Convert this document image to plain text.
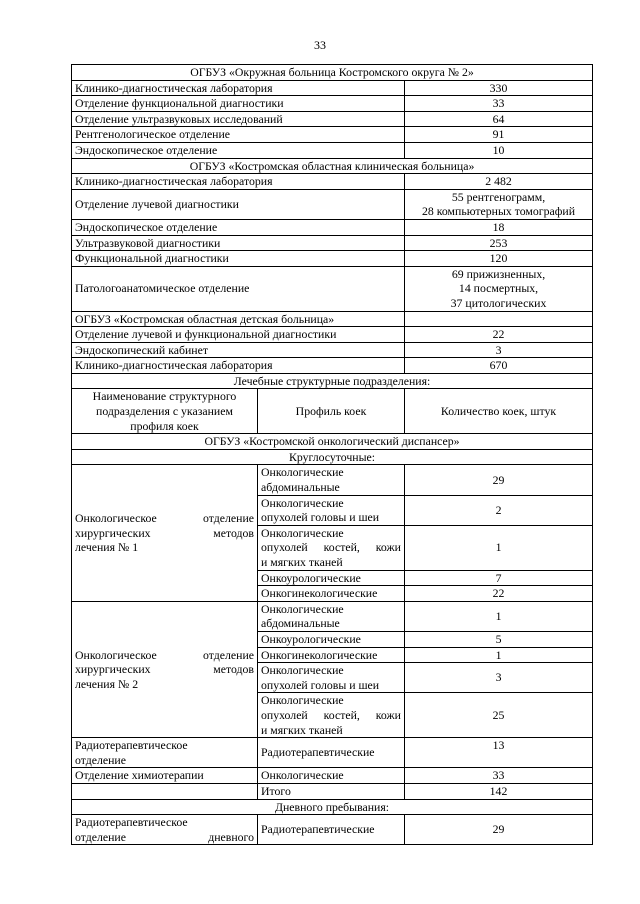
33
ОГБУЗ «Окружная больница Костромского округа № 2»		
Клинико-диагностическая лаборатория		330
Отделение функциональной диагностики		33
Отделение ультразвуковых исследований		64
Рентгенологическое отделение		91
Эндоскопическое отделение		10
ОГБУЗ «Костромская областная клиническая больница»		
Клинико-диагностическая лаборатория		2 482
Отделение лучевой диагностики		55 рентгенограмм,
28 компьютерных томографий

Эндоскопическое отделение		18
Ультразвуковой диагностики		253
Функциональной диагностики		120
Патологоанатомическое отделение		69 прижизненных,
14 посмертных,
37 цитологических

ОГБУЗ «Костромская областная детская больница»		
Отделение лучевой и функциональной диагностики		22
Эндоскопический кабинет		3
Клинико-диагностическая лаборатория		670
Лечебные структурные подразделения:		

Наименование структурного
подразделения с указанием
профиля коек	Профиль коек	Количество коек, штук
ОГБУЗ «Костромской онкологический диспансер»		
Круглосуточные:		

Онкологическое отделение
хирургических методов
лечения № 1	Онкологические
абдоминальные	29

	Онкологические
опухолей головы и шеи	2

	Онкологические
опухолей костей, кожи
и мягких тканей	1
	Онкоурологические	7
	Онкогинекологические	22

Онкологическое отделение
хирургических методов
лечения № 2	Онкологические
абдоминальные	1
	Онкоурологические	5
	Онкогинекологические	1

	Онкологические
опухолей головы и шеи	3

	Онкологические
опухолей костей, кожи
и мягких тканей	25

Радиотерапевтическое
отделение	Радиотерапевтические	13
Отделение химиотерапии	Онкологические	33
	Итого	142
Дневного пребывания:		

Радиотерапевтическое
отделение дневного	Радиотерапевтические	29
